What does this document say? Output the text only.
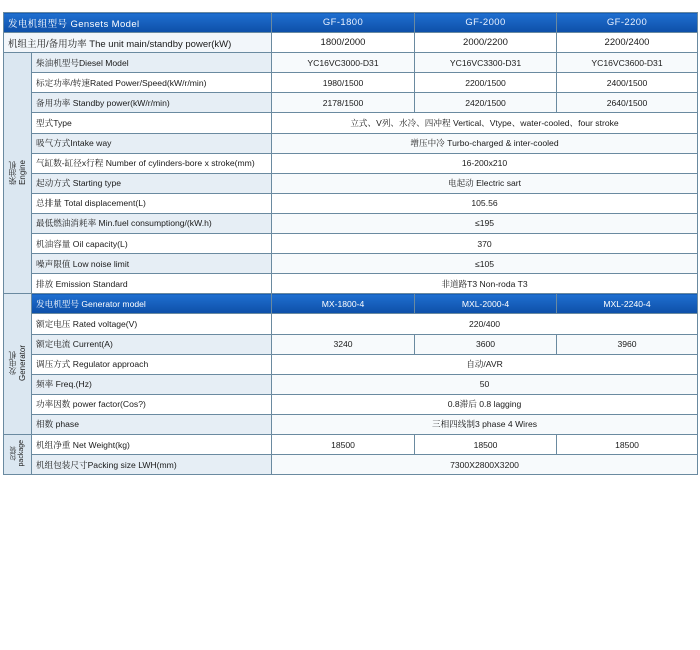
发电机组型号 Gensets Model		GF-1800	GF-2000	GF-2200
机组主用/备用功率 The unit main/standby power(kW)		1800/2000	2000/2200	2200/2400
柴油机
Engine	柴油机型号Diesel Model	YC16VC3000-D31	YC16VC3300-D31	YC16VC3600-D31
	标定功率/转速Rated Power/Speed(kW/r/min)	1980/1500	2200/1500	2400/1500
	备用功率 Standby power(kW/r/min)	2178/1500	2420/1500	2640/1500
	型式Type	立式、V列、水冷、四冲程 Vertical、Vtype、water-cooled、four stroke		
	吸气方式Intake way	增压中冷 Turbo-charged & inter-cooled		
	气缸数-缸径x行程 Number of cylinders-bore x stroke(mm)	16-200x210		
	起动方式 Starting type	电起动 Electric sart		
	总排量 Total displacement(L)	105.56		
	最低燃油消耗率 Min.fuel consumptiong/(kW.h)	≤195		
	机油容量 Oil capacity(L)	370		
	噪声限值 Low noise limit	≤105		
	排放 Emission Standard	非道路T3 Non-roda T3		
发电机
Generator	发电机型号 Generator model	MX-1800-4	MXL-2000-4	MXL-2240-4
	额定电压 Rated voltage(V)	220/400		
	额定电流 Current(A)	3240	3600	3960
	调压方式 Regulator approach	自动/AVR		
	频率 Freq.(Hz)	50		
	功率因数 power factor(Cos?)	0.8滞后 0.8 lagging		
	相数 phase	三相四线制3 phase 4 Wires		
包装
package	机组净重 Net Weight(kg)	18500	18500	18500
	机组包装尺寸Packing size LWH(mm)	7300X2800X3200		
